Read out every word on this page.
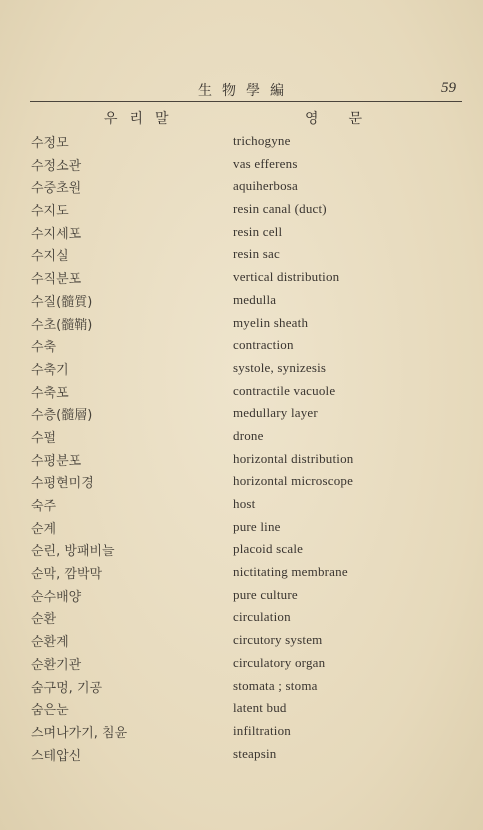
生物學編	59
우리말	영문
수정모	trichogyne
수정소관	vas efferens
수중초원	aquiherbosa
수지도	resin canal (duct)
수지세포	resin cell
수지실	resin sac
수직분포	vertical distribution
수질(髓質)	medulla
수초(髓鞘)	myelin sheath
수축	contraction
수축기	systole, synizesis
수축포	contractile vacuole
수층(髓層)	medullary layer
수펄	drone
수평분포	horizontal distribution
수평현미경	horizontal microscope
숙주	host
순계	pure line
순린, 방패비늘	placoid scale
순막, 깜박막	nictitating membrane
순수배양	pure culture
순환	circulation
순환계	circutory system
순환기관	circulatory organ
숨구멍, 기공	stomata ; stoma
숨은눈	latent bud
스며나가기, 침윤	infiltration
스테압신	steapsin
